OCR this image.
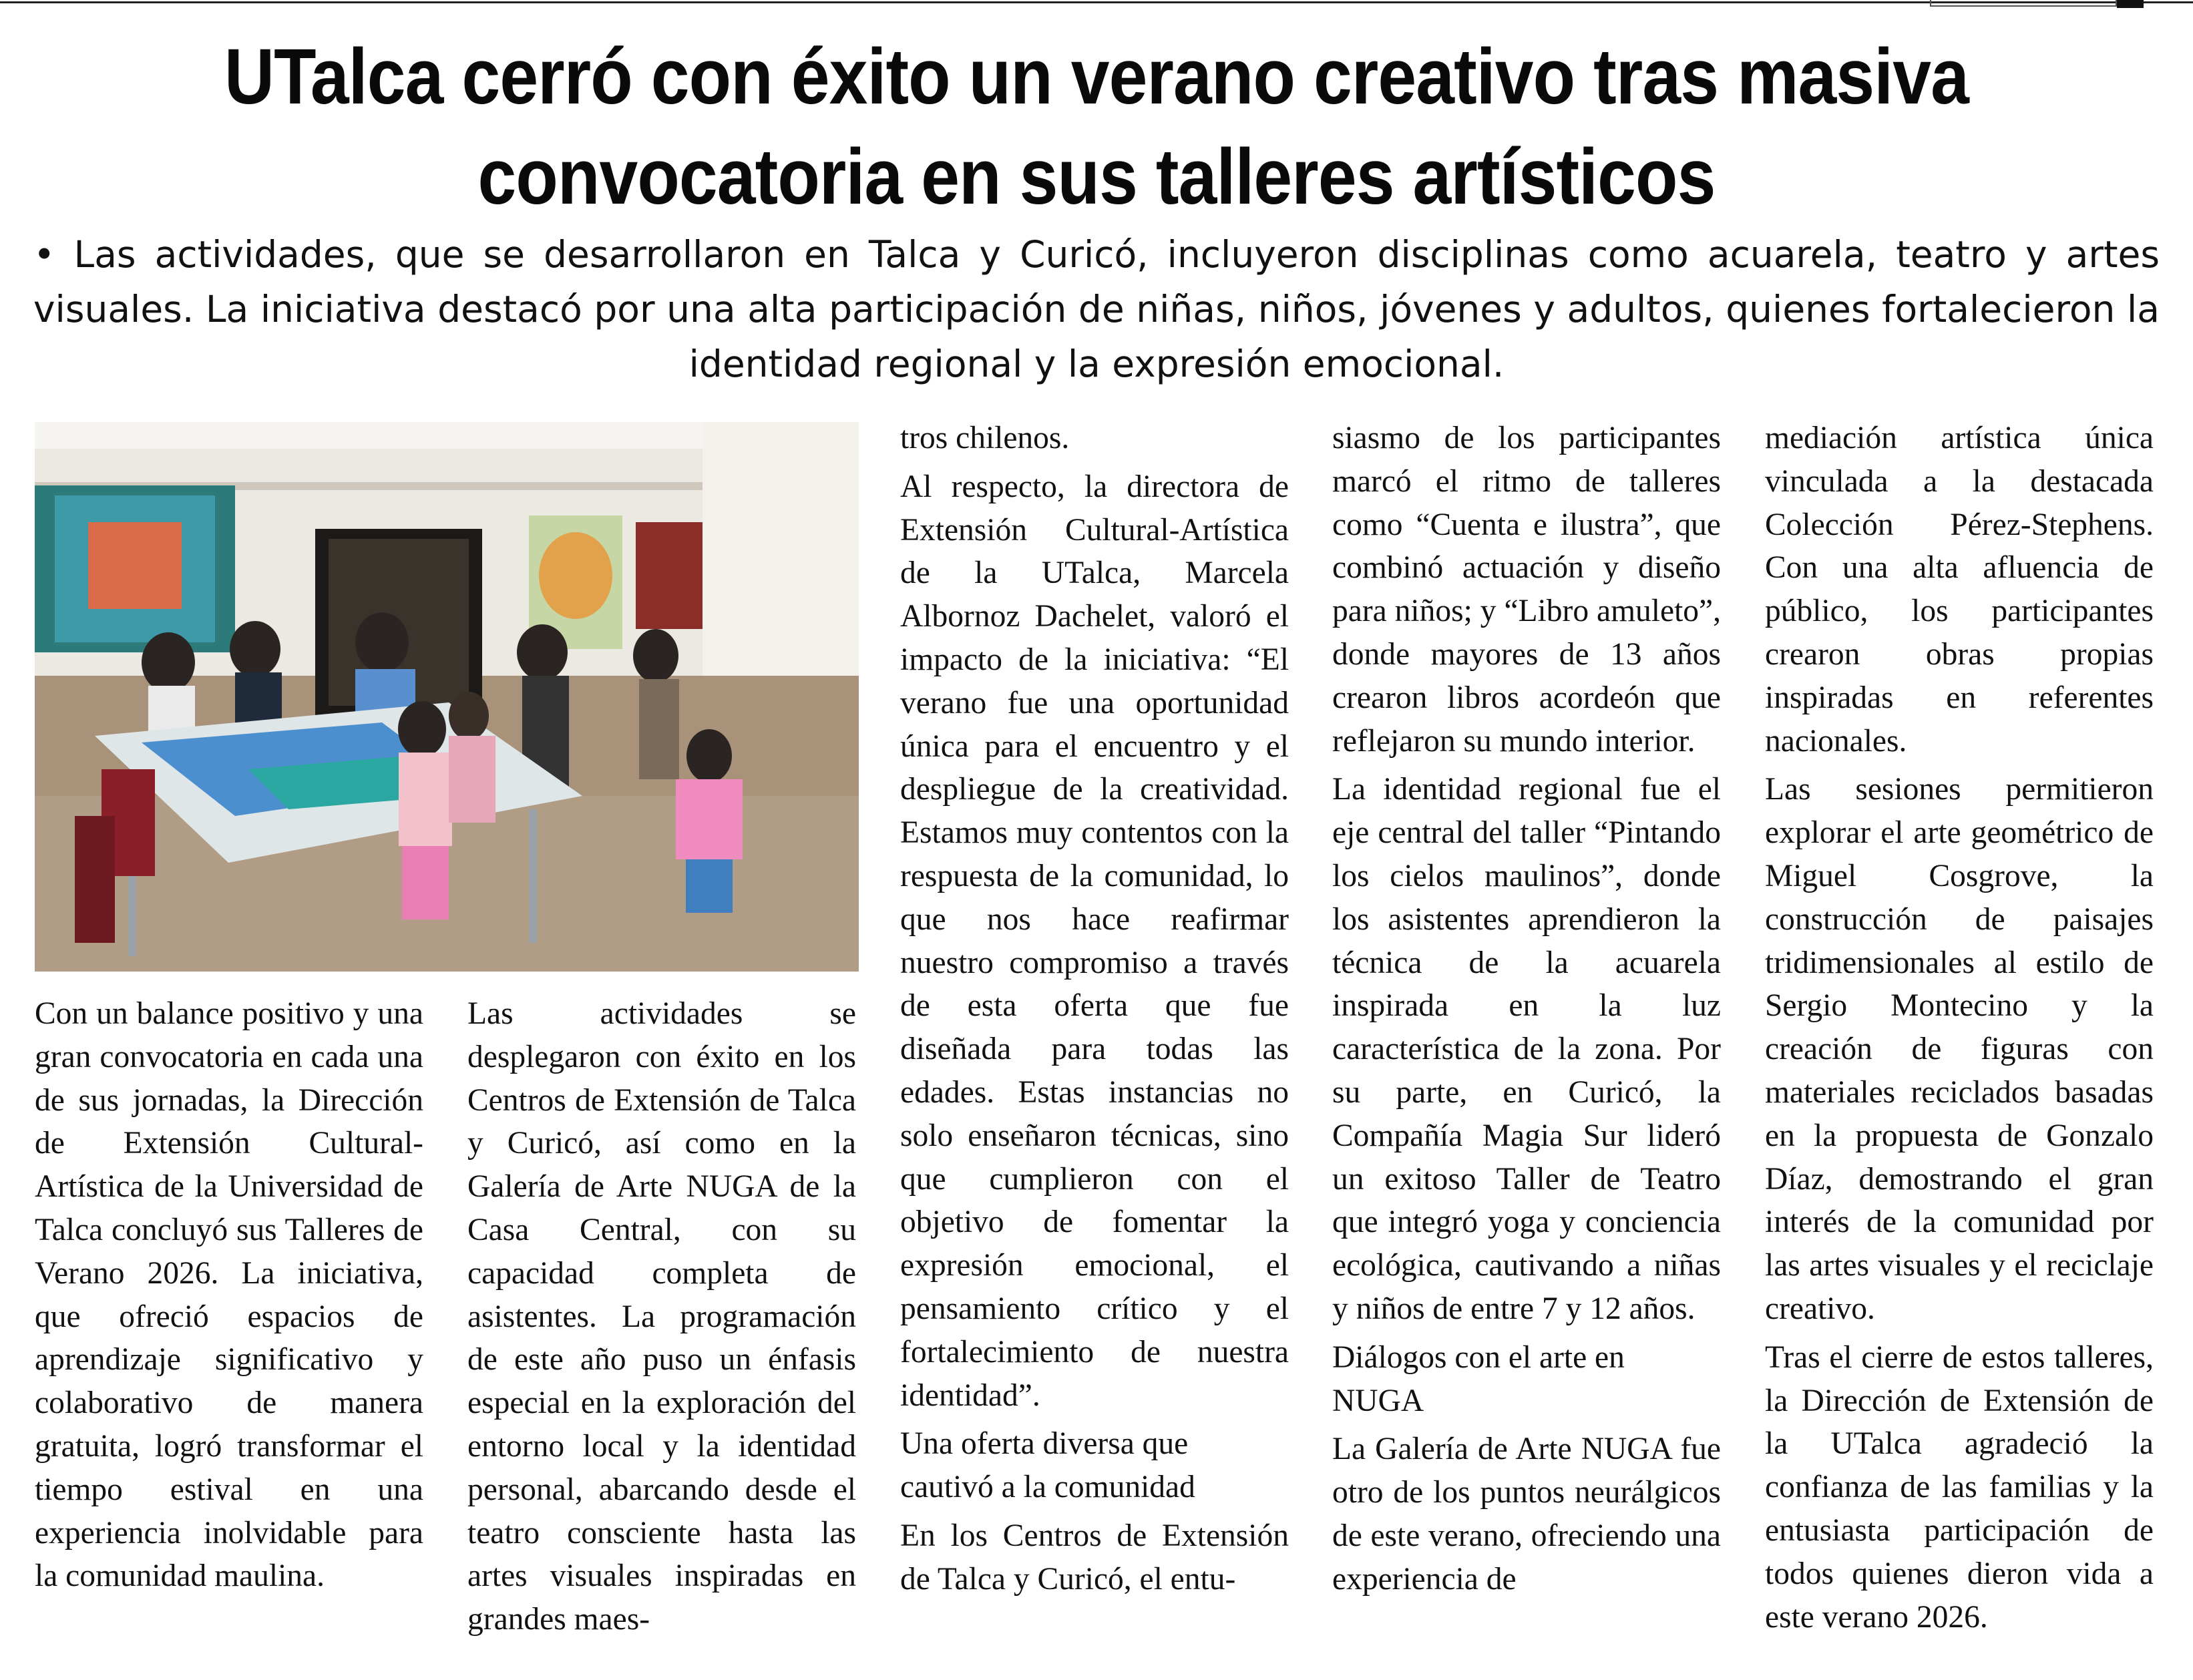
UTalca cerró con éxito un verano creativo tras masiva
convocatoria en sus talleres artísticos
• Las actividades, que se desarrollaron en Talca y Curicó, incluyeron disciplinas como acuarela, teatro y artes visuales. La iniciativa destacó por una alta participación de niñas, niños, jóvenes y adultos, quienes fortalecieron la identidad regional y la expresión emocional.

Con un balance positivo y una gran convocatoria en cada una de sus jornadas, la Dirección de Extensión Cultural-Artística de la Universidad de Talca concluyó sus Talleres de Verano 2026. La iniciativa, que ofreció espacios de aprendizaje significativo y colaborativo de manera gratuita, logró transformar el tiempo estival en una experiencia inolvidable para la comunidad maulina.

Las actividades se desplegaron con éxito en los Centros de Extensión de Talca y Curicó, así como en la Galería de Arte NUGA de la Casa Central, con su capacidad completa de asistentes. La programación de este año puso un énfasis especial en la exploración del entorno local y la identidad personal, abarcando desde el teatro consciente hasta las artes visuales inspiradas en grandes maes-

tros chilenos.

Al respecto, la directora de Extensión Cultural-Artística de la UTalca, Marcela Albornoz Dachelet, valoró el impacto de la iniciativa: “El verano fue una oportunidad única para el encuentro y el despliegue de la creatividad. Estamos muy contentos con la respuesta de la comunidad, lo que nos hace reafirmar nuestro compromiso a través de esta oferta que fue diseñada para todas las edades. Estas instancias no solo enseñaron técnicas, sino que cumplieron con el objetivo de fomentar la expresión emocional, el pensamiento crítico y el fortalecimiento de nuestra identidad”.

Una oferta diversa que cautivó a la comunidad

En los Centros de Extensión de Talca y Curicó, el entu-

siasmo de los participantes marcó el ritmo de talleres como “Cuenta e ilustra”, que combinó actuación y diseño para niños; y “Libro amuleto”, donde mayores de 13 años crearon libros acordeón que reflejaron su mundo interior.

La identidad regional fue el eje central del taller “Pintando los cielos maulinos”, donde los asistentes aprendieron la técnica de la acuarela inspirada en la luz característica de la zona. Por su parte, en Curicó, la Compañía Magia Sur lideró un exitoso Taller de Teatro que integró yoga y conciencia ecológica, cautivando a niñas y niños de entre 7 y 12 años.

Diálogos con el arte en NUGA

La Galería de Arte NUGA fue otro de los puntos neurálgicos de este verano, ofreciendo una experiencia de

mediación artística única vinculada a la destacada Colección Pérez-Stephens. Con una alta afluencia de público, los participantes crearon obras propias inspiradas en referentes nacionales.

Las sesiones permitieron explorar el arte geométrico de Miguel Cosgrove, la construcción de paisajes tridimensionales al estilo de Sergio Montecino y la creación de figuras con materiales reciclados basadas en la propuesta de Gonzalo Díaz, demostrando el gran interés de la comunidad por las artes visuales y el reciclaje creativo.

Tras el cierre de estos talleres, la Dirección de Extensión de la UTalca agradeció la confianza de las familias y la entusiasta participación de todos quienes dieron vida a este verano 2026.
